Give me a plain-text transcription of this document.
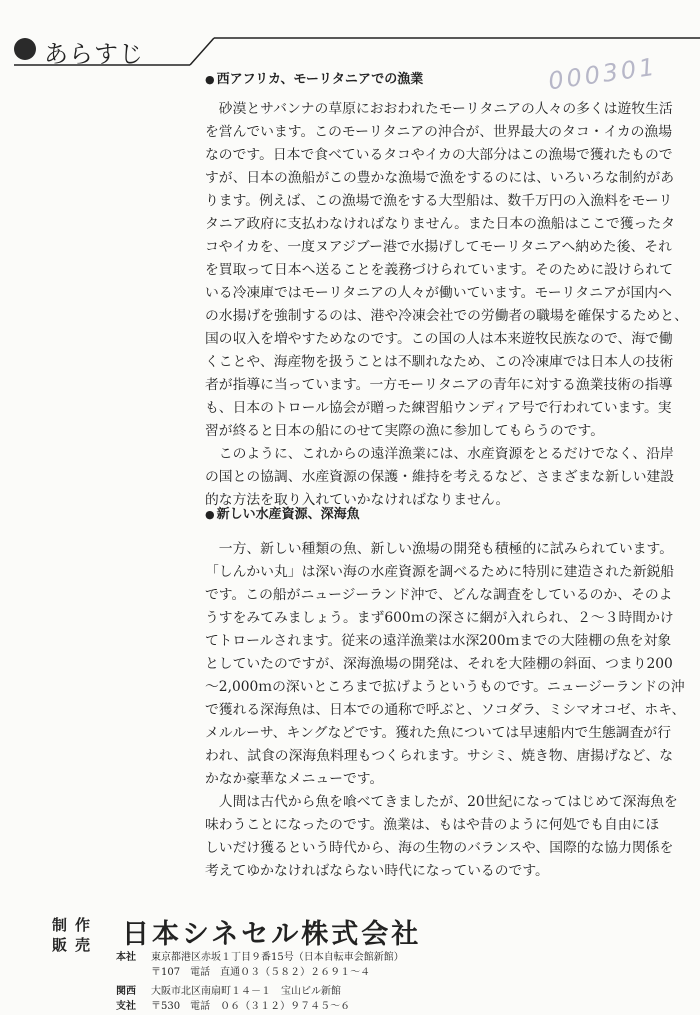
あらすじ	000301
● 西アフリカ、モーリタニアでの漁業
　砂漠とサバンナの草原におおわれたモーリタニアの人々の多くは遊牧生活
を営んでいます。このモーリタニアの沖合が、世界最大のタコ・イカの漁場
なのです。日本で食べているタコやイカの大部分はこの漁場で獲れたもので
すが、日本の漁船がこの豊かな漁場で漁をするのには、いろいろな制約があ
ります。例えば、この漁場で漁をする大型船は、数千万円の入漁料をモーリ
タニア政府に支払わなければなりません。また日本の漁船はここで獲ったタ
コやイカを、一度ヌアジブー港で水揚げしてモーリタニアへ納めた後、それ
を買取って日本へ送ることを義務づけられています。そのために設けられて
いる冷凍庫ではモーリタニアの人々が働いています。モーリタニアが国内へ
の水揚げを強制するのは、港や冷凍会社での労働者の職場を確保するためと、
国の収入を増やすためなのです。この国の人は本来遊牧民族なので、海で働
くことや、海産物を扱うことは不馴れなため、この冷凍庫では日本人の技術
者が指導に当っています。一方モーリタニアの青年に対する漁業技術の指導
も、日本のトロール協会が贈った練習船ウンディア号で行われています。実
習が終ると日本の船にのせて実際の漁に参加してもらうのです。
　このように、これからの遠洋漁業には、水産資源をとるだけでなく、沿岸
の国との協調、水産資源の保護・維持を考えるなど、さまざまな新しい建設
的な方法を取り入れていかなければなりません。
● 新しい水産資源、深海魚
　一方、新しい種類の魚、新しい漁場の開発も積極的に試みられています。
「しんかい丸」は深い海の水産資源を調べるために特別に建造された新鋭船
です。この船がニュージーランド沖で、どんな調査をしているのか、そのよ
うすをみてみましょう。まず600ｍの深さに網が入れられ、２～３時間かけ
てトロールされます。従来の遠洋漁業は水深200ｍまでの大陸棚の魚を対象
としていたのですが、深海漁場の開発は、それを大陸棚の斜面、つまり200
～2,000ｍの深いところまで拡げようというものです。ニュージーランドの沖
で獲れる深海魚は、日本での通称で呼ぶと、ソコダラ、ミシマオコゼ、ホキ、
メルルーサ、キングなどです。獲れた魚については早速船内で生態調査が行
われ、試食の深海魚料理もつくられます。サシミ、焼き物、唐揚げなど、な
かなか豪華なメニューです。
　人間は古代から魚を喰べてきましたが、20世紀になってはじめて深海魚を
味わうことになったのです。漁業は、もはや昔のように何処でも自由にほ
しいだけ獲るという時代から、海の生物のバランスや、国際的な協力関係を
考えてゆかなければならない時代になっているのです。
制作
販売 日本シネセル株式会社
本社 東京都港区赤坂１丁目９番15号（日本自転車会館新館）
〒107　電話　直通０３（５８２）２６９１～４
関西
支社
大阪市北区南扇町１４－１　宝山ビル新館
〒530　電話　０６（３１２）９７４５～６
